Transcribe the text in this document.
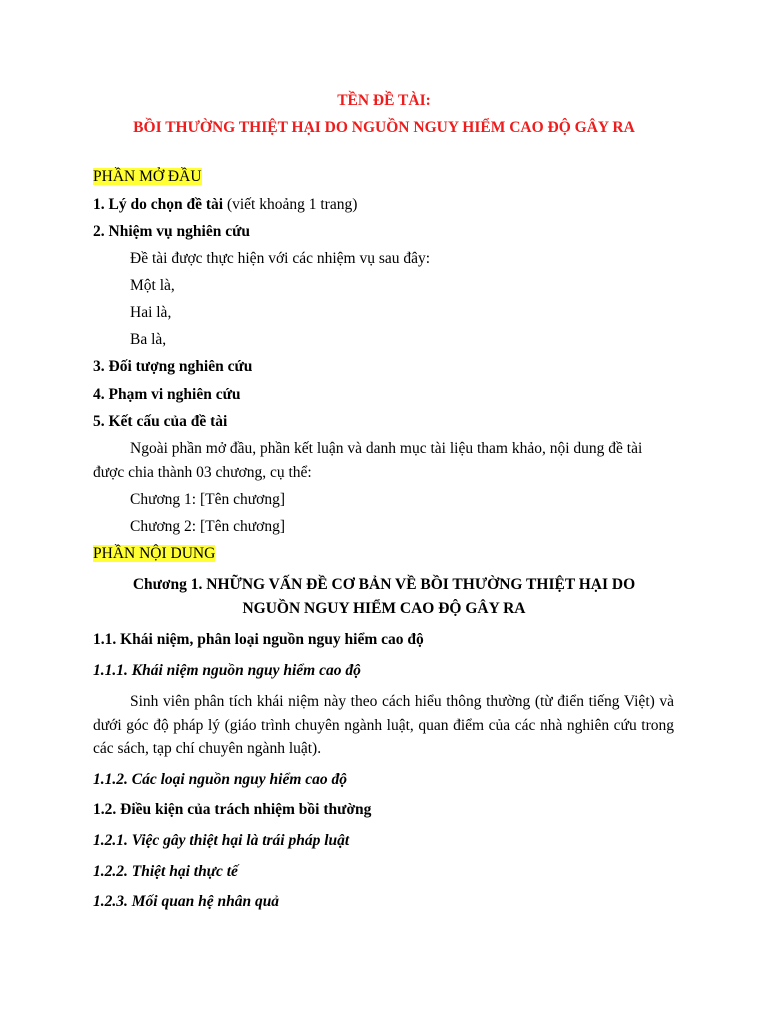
TỀN ĐỀ TÀI:
BỒI THƯỜNG THIỆT HẠI DO NGUỒN NGUY HIỂM CAO ĐỘ GÂY RA
PHẦN MỞ ĐẦU
1. Lý do chọn đề tài (viết khoảng 1 trang)
2. Nhiệm vụ nghiên cứu
Đề tài được thực hiện với các nhiệm vụ sau đây:
Một là,
Hai là,
Ba là,
3. Đối tượng nghiên cứu
4. Phạm vi nghiên cứu
5. Kết cấu của đề tài
Ngoài phần mở đầu, phần kết luận và danh mục tài liệu tham khảo, nội dung đề tài được chia thành 03 chương, cụ thể:
Chương 1: [Tên chương]
Chương 2: [Tên chương]
PHẦN NỘI DUNG
Chương 1. NHỮNG VẤN ĐỀ CƠ BẢN VỀ BỒI THƯỜNG THIỆT HẠI DO
NGUỒN NGUY HIỂM CAO ĐỘ GÂY RA
1.1. Khái niệm, phân loại nguồn nguy hiểm cao độ
1.1.1. Khái niệm nguồn nguy hiểm cao độ
Sinh viên phân tích khái niệm này theo cách hiểu thông thường (từ điển tiếng Việt) và dưới góc độ pháp lý (giáo trình chuyên ngành luật, quan điểm của các nhà nghiên cứu trong các sách, tạp chí chuyên ngành luật).
1.1.2. Các loại nguồn nguy hiểm cao độ
1.2. Điều kiện của trách nhiệm bồi thường
1.2.1. Việc gây thiệt hại là trái pháp luật
1.2.2. Thiệt hại thực tế
1.2.3. Mối quan hệ nhân quả
